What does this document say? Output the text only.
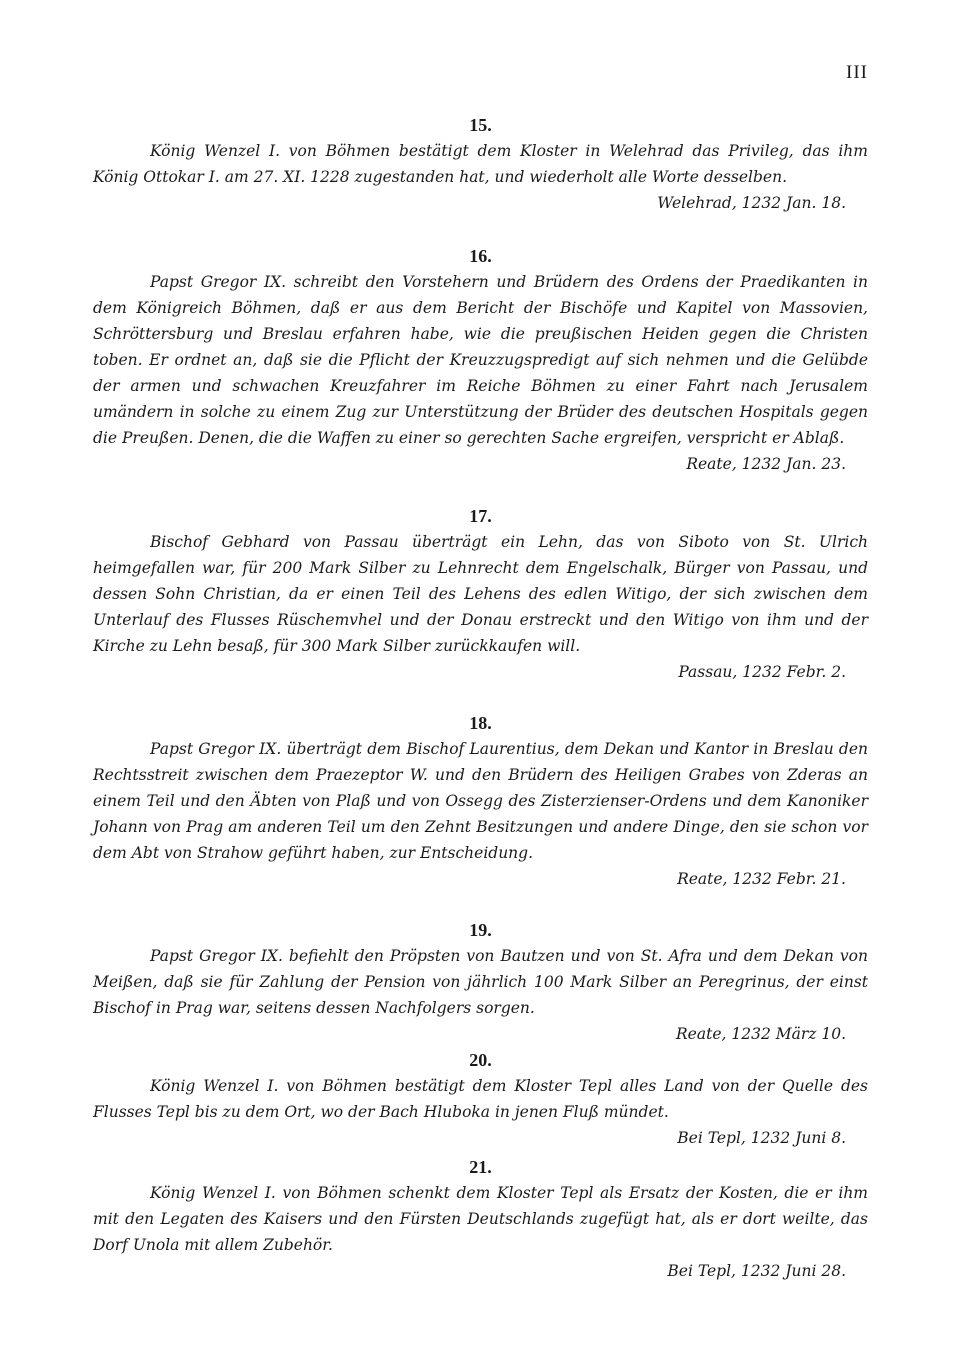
III
15.

König Wenzel I. von Böhmen bestätigt dem Kloster in Welehrad das Privileg, das ihm König Ottokar I. am 27. XI. 1228 zugestanden hat, und wiederholt alle Worte desselben.

Welehrad, 1232 Jan. 18.
16.

Papst Gregor IX. schreibt den Vorstehern und Brüdern des Ordens der Praedikanten in dem Königreich Böhmen, daß er aus dem Bericht der Bischöfe und Kapitel von Massovien, Schröttersburg und Breslau erfahren habe, wie die preußischen Heiden gegen die Christen toben. Er ordnet an, daß sie die Pflicht der Kreuzzugspredigt auf sich nehmen und die Gelübde der armen und schwachen Kreuzfahrer im Reiche Böhmen zu einer Fahrt nach Jerusalem umändern in solche zu einem Zug zur Unterstützung der Brüder des deutschen Hospitals gegen die Preußen. Denen, die die Waffen zu einer so gerechten Sache ergreifen, verspricht er Ablaß.

Reate, 1232 Jan. 23.
17.

Bischof Gebhard von Passau überträgt ein Lehn, das von Siboto von St. Ulrich heimgefallen war, für 200 Mark Silber zu Lehnrecht dem Engelschalk, Bürger von Passau, und dessen Sohn Christian, da er einen Teil des Lehens des edlen Witigo, der sich zwischen dem Unterlauf des Flusses Rüschemvhel und der Donau erstreckt und den Witigo von ihm und der Kirche zu Lehn besaß, für 300 Mark Silber zurückkaufen will.

Passau, 1232 Febr. 2.
18.

Papst Gregor IX. überträgt dem Bischof Laurentius, dem Dekan und Kantor in Breslau den Rechtsstreit zwischen dem Praezeptor W. und den Brüdern des Heiligen Grabes von Zderas an einem Teil und den Äbten von Plaß und von Ossegg des Zisterzienser-Ordens und dem Kanoniker Johann von Prag am anderen Teil um den Zehnt Besitzungen und andere Dinge, den sie schon vor dem Abt von Strahow geführt haben, zur Entscheidung.

Reate, 1232 Febr. 21.
19.

Papst Gregor IX. befiehlt den Pröpsten von Bautzen und von St. Afra und dem Dekan von Meißen, daß sie für Zahlung der Pension von jährlich 100 Mark Silber an Peregrinus, der einst Bischof in Prag war, seitens dessen Nachfolgers sorgen.

Reate, 1232 März 10.
20.

König Wenzel I. von Böhmen bestätigt dem Kloster Tepl alles Land von der Quelle des Flusses Tepl bis zu dem Ort, wo der Bach Hluboka in jenen Fluß mündet.

Bei Tepl, 1232 Juni 8.
21.

König Wenzel I. von Böhmen schenkt dem Kloster Tepl als Ersatz der Kosten, die er ihm mit den Legaten des Kaisers und den Fürsten Deutschlands zugefügt hat, als er dort weilte, das Dorf Unola mit allem Zubehör.

Bei Tepl, 1232 Juni 28.
